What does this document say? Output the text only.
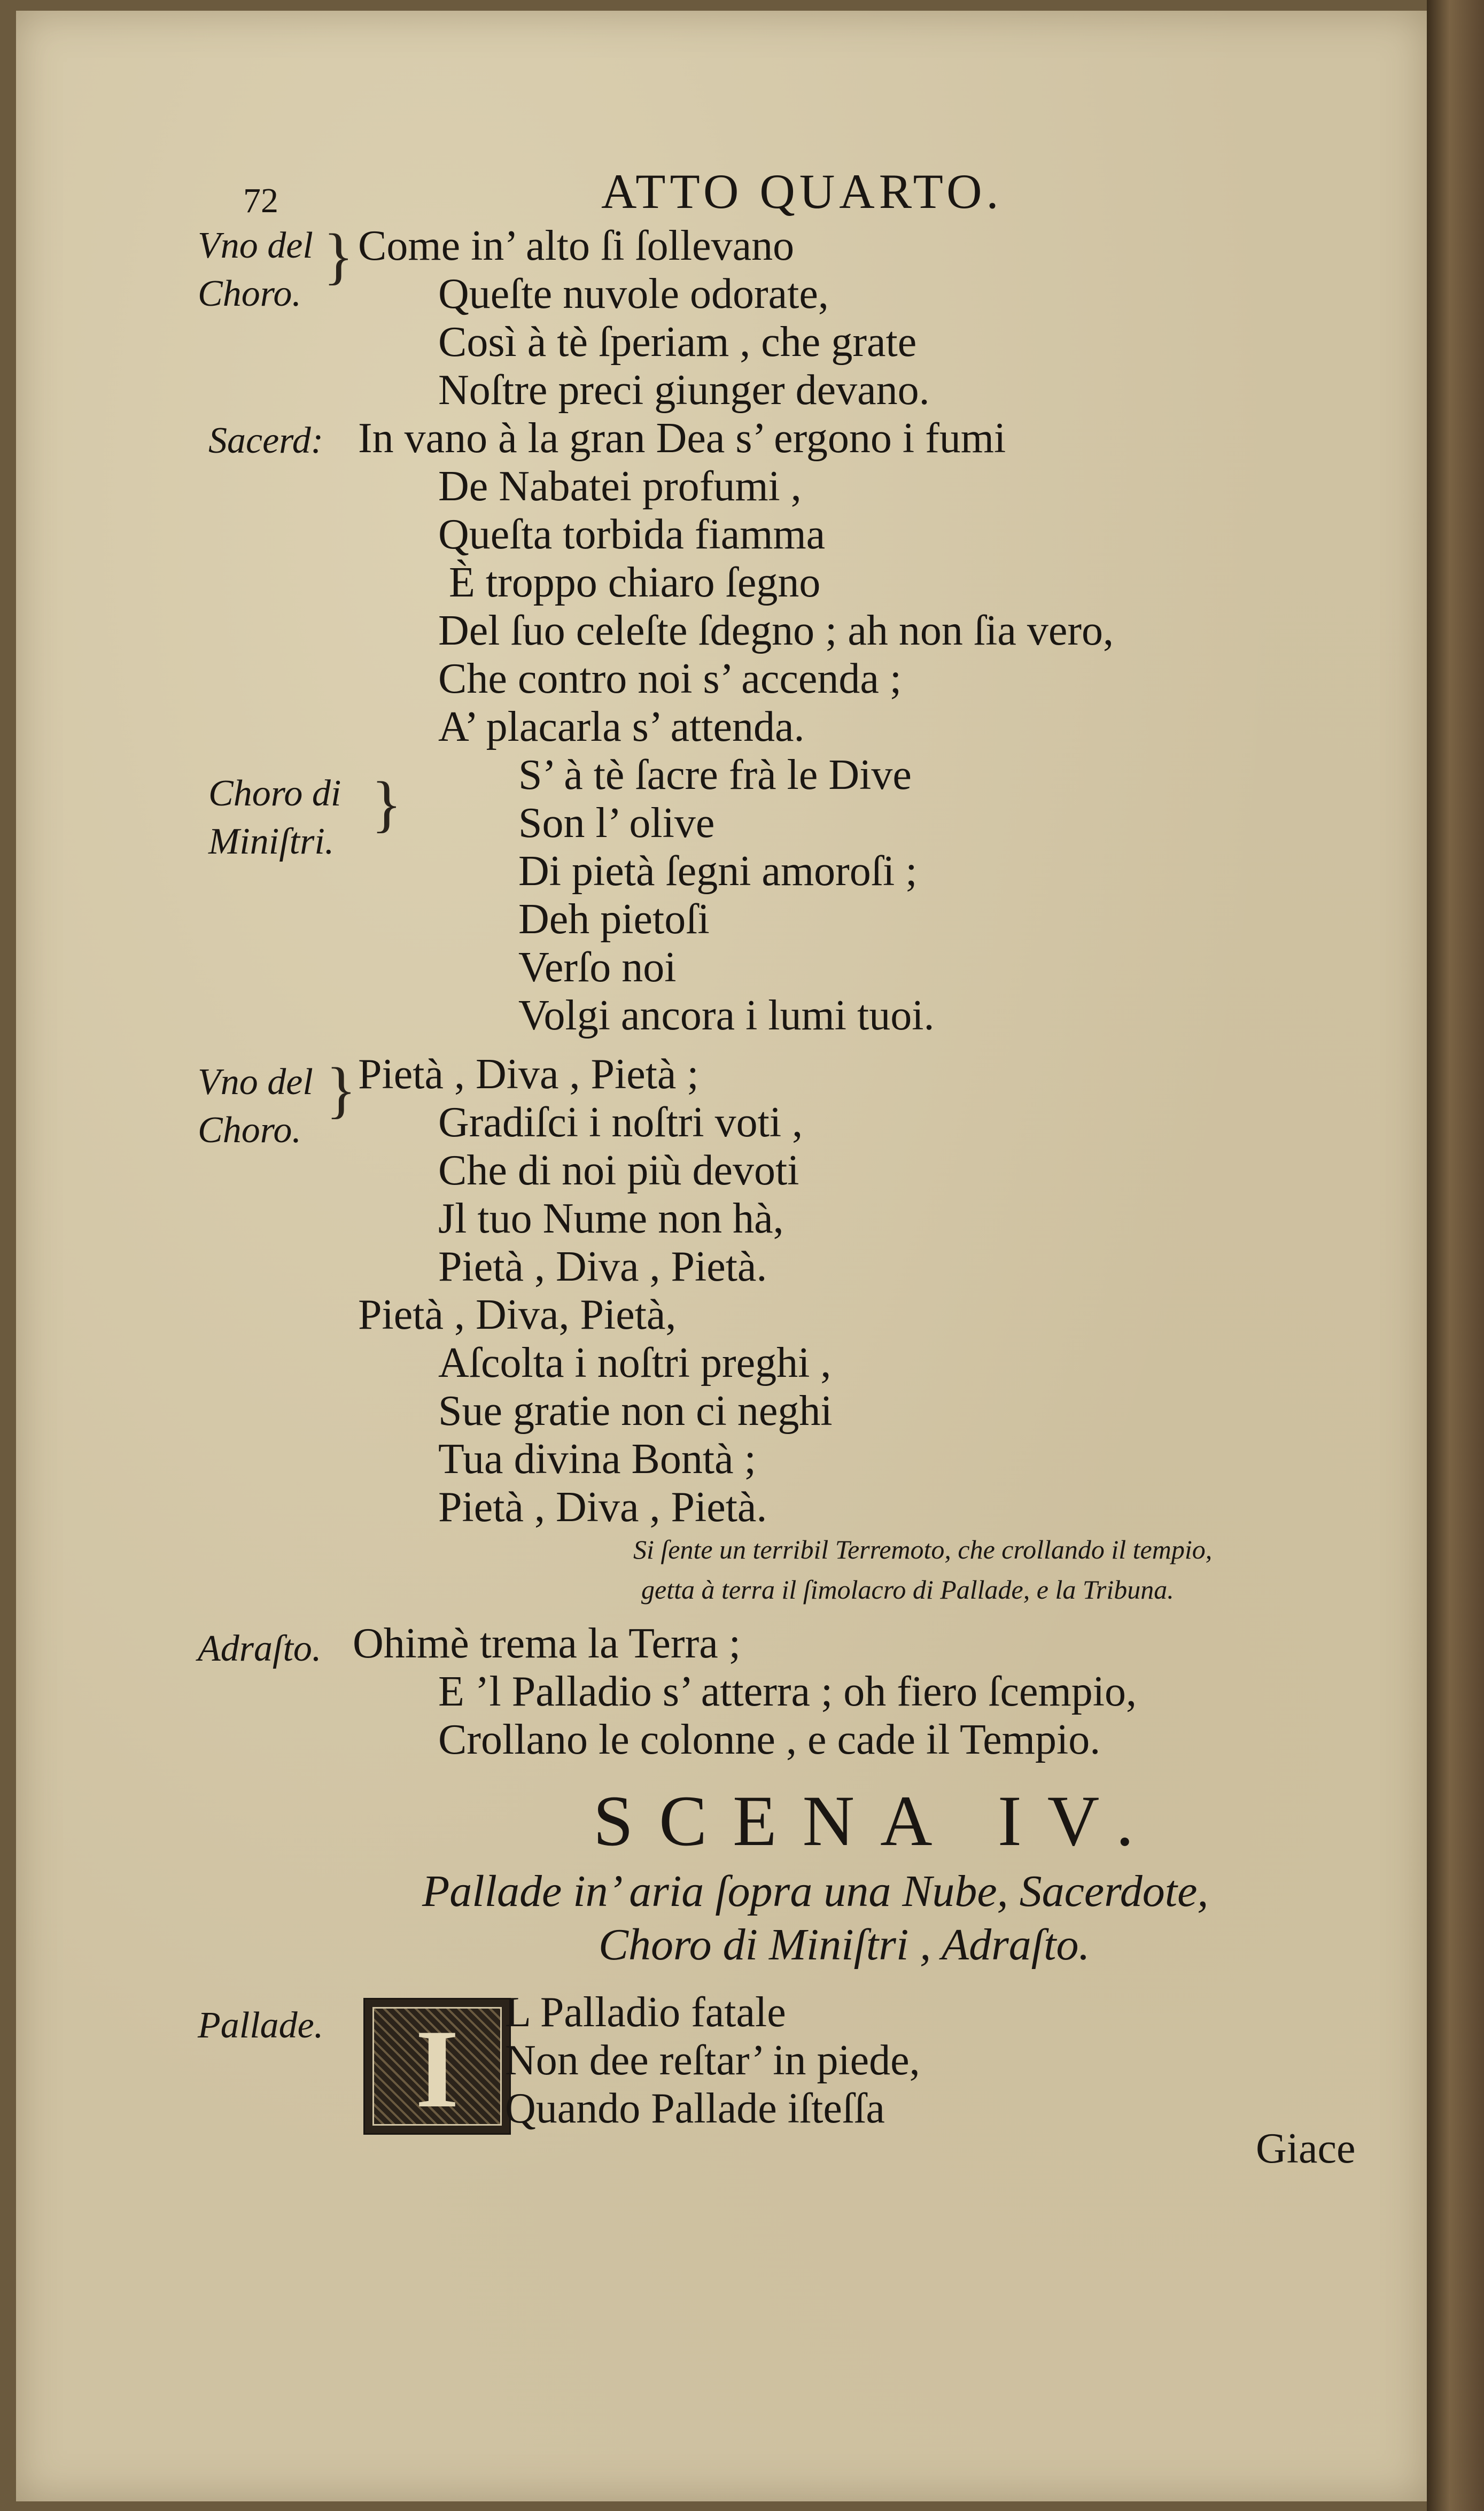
72	ATTO QUARTO.
Vno del
Choro.
} Come in’ alto ſi ſollevano
Queſte nuvole odorate,
Così à tè ſperiam , che grate
Noſtre preci giunger devano.
Sacerd: In vano à la gran Dea s’ ergono i fumi
De Nabatei profumi ,
Queſta torbida fiamma
È troppo chiaro ſegno
Del ſuo celeſte ſdegno ; ah non ſia vero,
Che contro noi s’ accenda ;
A’ placarla s’ attenda.
Choro di
Miniſtri.
}	S’ à tè ſacre frà le Dive
Son l’ olive
Di pietà ſegni amoroſi ;
Deh pietoſi
Verſo noi
Volgi ancora i lumi tuoi.
Vno del
Choro.
} Pietà , Diva , Pietà ;
Gradiſci i noſtri voti ,
Che di noi più devoti
Jl tuo Nume non hà,
Pietà , Diva , Pietà.
Pietà , Diva, Pietà,
Aſcolta i noſtri preghi ,
Sue gratie non ci neghi
Tua divina Bontà ;
Pietà , Diva , Pietà.
Si ſente un terribil Terremoto, che crollando il tempio,
getta à terra il ſimolacro di Pallade, e la Tribuna.
Adraſto. Ohimè trema la Terra ;
E ’l Palladio s’ atterra ; oh fiero ſcempio,
Crollano le colonne , e cade il Tempio.
SCENA IV.
Pallade in’ aria ſopra una Nube, Sacerdote,
Choro di Miniſtri , Adraſto.
Pallade. I	L Palladio fatale
Non dee reſtar’ in piede,
Quando Pallade iſteſſa
Giace
